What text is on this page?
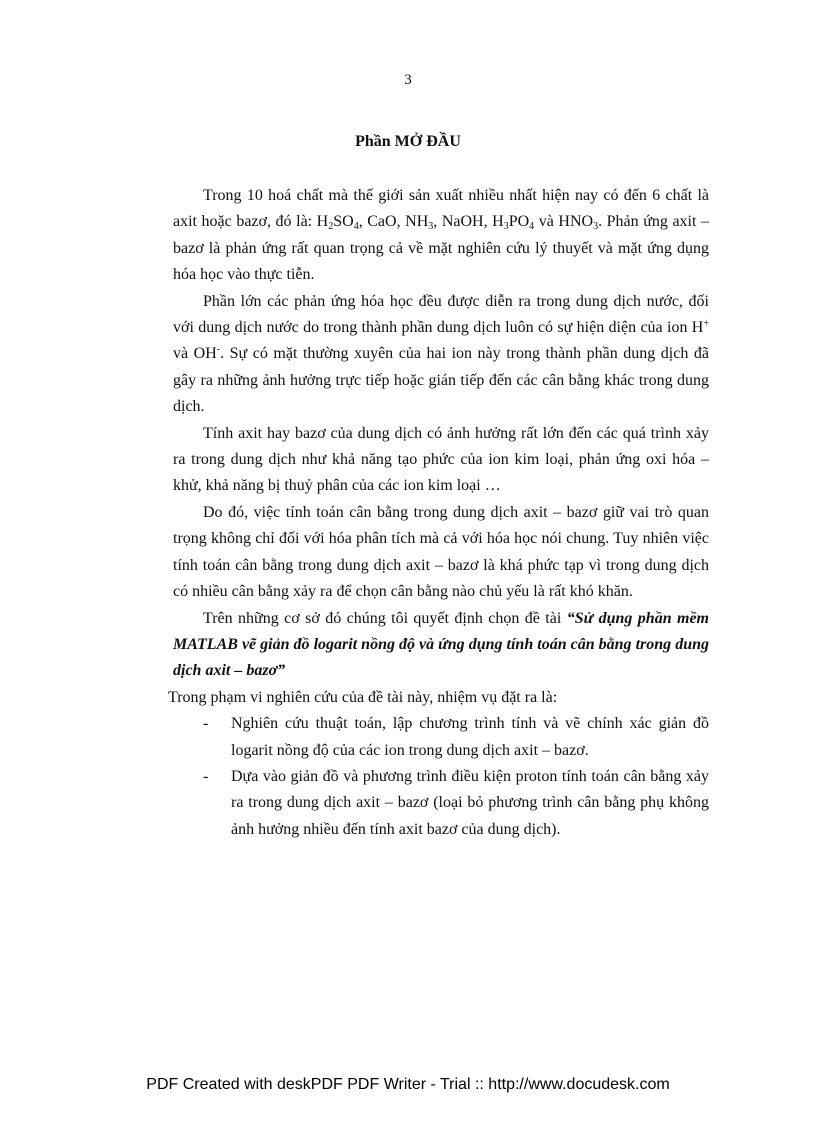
3
Phần MỞ ĐẦU

Trong 10 hoá chất mà thế giới sản xuất nhiều nhất hiện nay có đến 6 chất là axit hoặc bazơ, đó là: $H_2SO_4$, CaO, $NH_3$, NaOH, $H_3PO_4$ và $HNO_3$. Phản ứng axit – bazơ là phản ứng rất quan trọng cả về mặt nghiên cứu lý thuyết và mặt ứng dụng hóa học vào thực tiễn.

Phần lớn các phản ứng hóa học đều được diễn ra trong dung dịch nước, đối với dung dịch nước do trong thành phần dung dịch luôn có sự hiện diện của ion H+ và OH-. Sự có mặt thường xuyên của hai ion này trong thành phần dung dịch đã gây ra những ảnh hưởng trực tiếp hoặc gián tiếp đến các cân bằng khác trong dung dịch.

Tính axit hay bazơ của dung dịch có ảnh hưởng rất lớn đến các quá trình xảy ra trong dung dịch như khả năng tạo phức của ion kim loại, phản ứng oxi hóa – khử, khả năng bị thuỷ phân của các ion kim loại …

Do đó, việc tính toán cân bằng trong dung dịch axit – bazơ giữ vai trò quan trọng không chỉ đối với hóa phân tích mà cả với hóa học nói chung. Tuy nhiên việc tính toán cân bằng trong dung dịch axit – bazơ là khá phức tạp vì trong dung dịch có nhiều cân bằng xảy ra để chọn cân bằng nào chủ yếu là rất khó khăn.

Trên những cơ sở đó chúng tôi quyết định chọn đề tài “Sử dụng phần mềm MATLAB vẽ giản đồ logarit nồng độ và ứng dụng tính toán cân bằng trong dung dịch axit – bazơ”

Trong phạm vi nghiên cứu của đề tài này, nhiệm vụ đặt ra là:

- Nghiên cứu thuật toán, lập chương trình tính và vẽ chính xác giản đồ logarit nồng độ của các ion trong dung dịch axit – bazơ.
- Dựa vào giản đồ và phương trình điều kiện proton tính toán cân bằng xảy ra trong dung dịch axit – bazơ (loại bỏ phương trình cân bằng phụ không ảnh hưởng nhiều đến tính axit bazơ của dung dịch).
PDF Created with deskPDF PDF Writer - Trial :: http://www.docudesk.com
